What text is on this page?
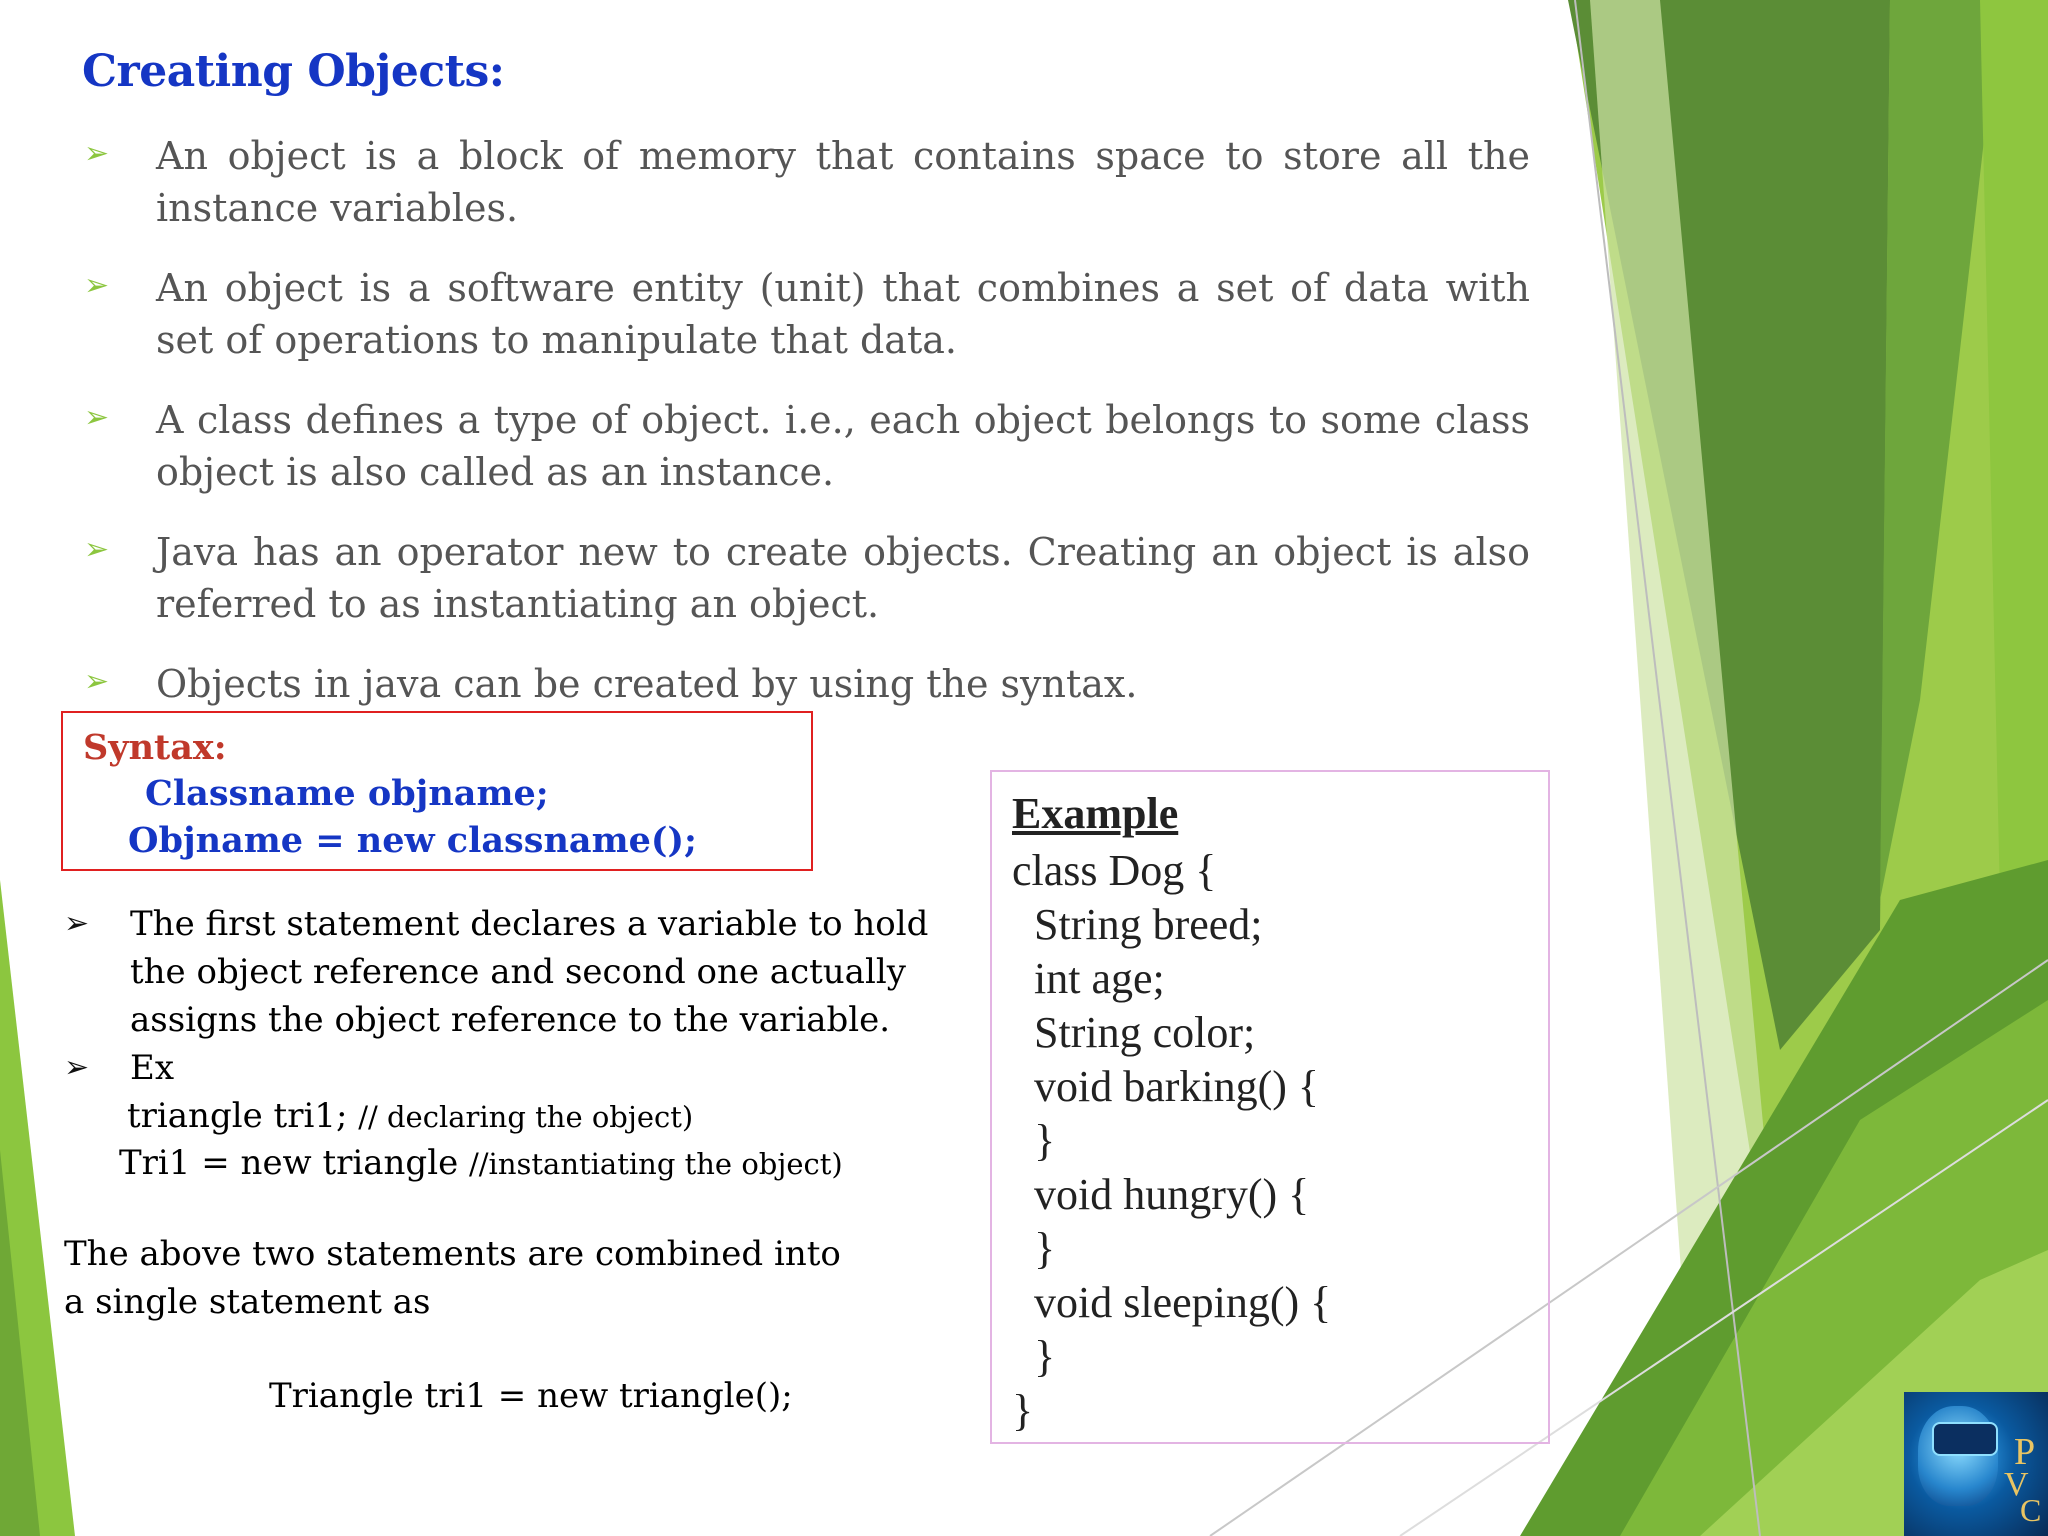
Creating Objects:
➢ An object is a block of memory that contains space to store all the instance variables.
➢ An object is a software entity (unit) that combines a set of data with set of operations to manipulate that data.
➢ A class defines a type of object. i.e., each object belongs to some class object is also called as an instance.
➢ Java has an operator new to create objects. Creating an object is also referred to as instantiating an object.
➢ Objects in java can be created by using the syntax.
Syntax:
Classname objname;
Objname = new classname();
➢ The first statement declares a variable to hold the object reference and second one actually assigns the object reference to the variable.
➢ Ex
triangle tri1; // declaring the object)
Tri1 = new triangle //instantiating the object)
The above two statements are combined into a single statement as
Triangle tri1 = new triangle();
Example
class Dog {
String breed;
int age;
String color;
void barking() {
}
void hungry() {
}
void sleeping() {
}
}
P
V
C
